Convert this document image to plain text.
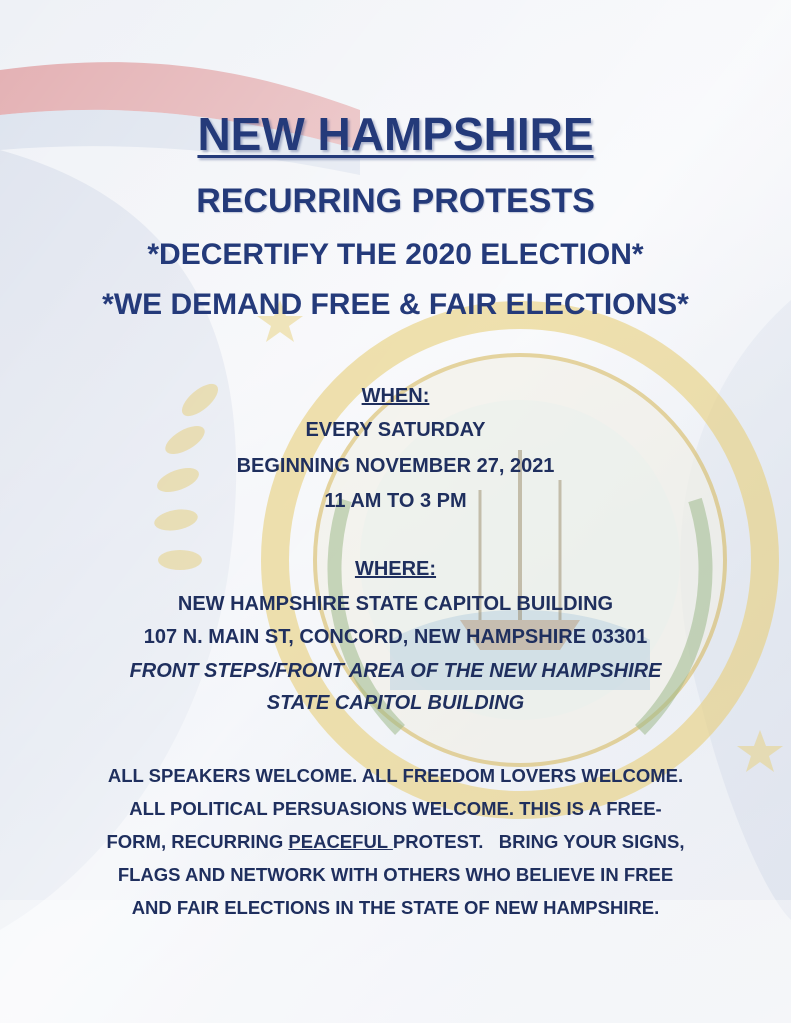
NEW HAMPSHIRE
RECURRING PROTESTS
*DECERTIFY THE 2020 ELECTION*
*WE DEMAND FREE & FAIR ELECTIONS*
WHEN:
EVERY SATURDAY
BEGINNING NOVEMBER 27, 2021
11 AM TO 3 PM
WHERE:
NEW HAMPSHIRE STATE CAPITOL BUILDING
107 N. MAIN ST, CONCORD, NEW HAMPSHIRE 03301
FRONT STEPS/FRONT AREA OF THE NEW HAMPSHIRE
STATE CAPITOL BUILDING
ALL SPEAKERS WELCOME. ALL FREEDOM LOVERS WELCOME.
ALL POLITICAL PERSUASIONS WELCOME. THIS IS A FREE-
FORM, RECURRING PEACEFUL PROTEST.   BRING YOUR SIGNS,
FLAGS AND NETWORK WITH OTHERS WHO BELIEVE IN FREE
AND FAIR ELECTIONS IN THE STATE OF NEW HAMPSHIRE.
